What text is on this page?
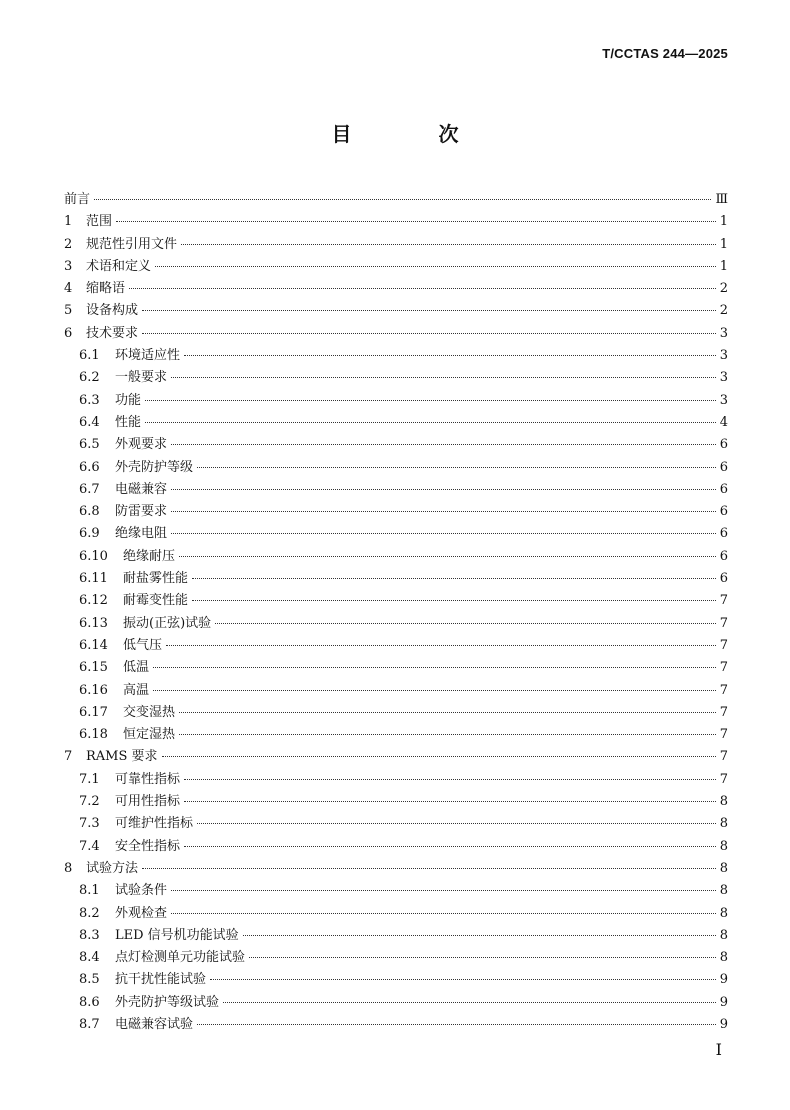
T/CCTAS 244—2025
目 次
前言	Ⅲ
1	范围	1
2	规范性引用文件	1
3	术语和定义	1
4	缩略语	2
5	设备构成	2
6	技术要求	3
6.1	环境适应性	3
6.2	一般要求	3
6.3	功能	3
6.4	性能	4
6.5	外观要求	6
6.6	外壳防护等级	6
6.7	电磁兼容	6
6.8	防雷要求	6
6.9	绝缘电阻	6
6.10	绝缘耐压	6
6.11	耐盐雾性能	6
6.12	耐霉变性能	7
6.13	振动(正弦)试验	7
6.14	低气压	7
6.15	低温	7
6.16	高温	7
6.17	交变湿热	7
6.18	恒定湿热	7
7	RAMS 要求	7
7.1	可靠性指标	7
7.2	可用性指标	8
7.3	可维护性指标	8
7.4	安全性指标	8
8	试验方法	8
8.1	试验条件	8
8.2	外观检查	8
8.3	LED 信号机功能试验	8
8.4	点灯检测单元功能试验	8
8.5	抗干扰性能试验	9
8.6	外壳防护等级试验	9
8.7	电磁兼容试验	9
I
